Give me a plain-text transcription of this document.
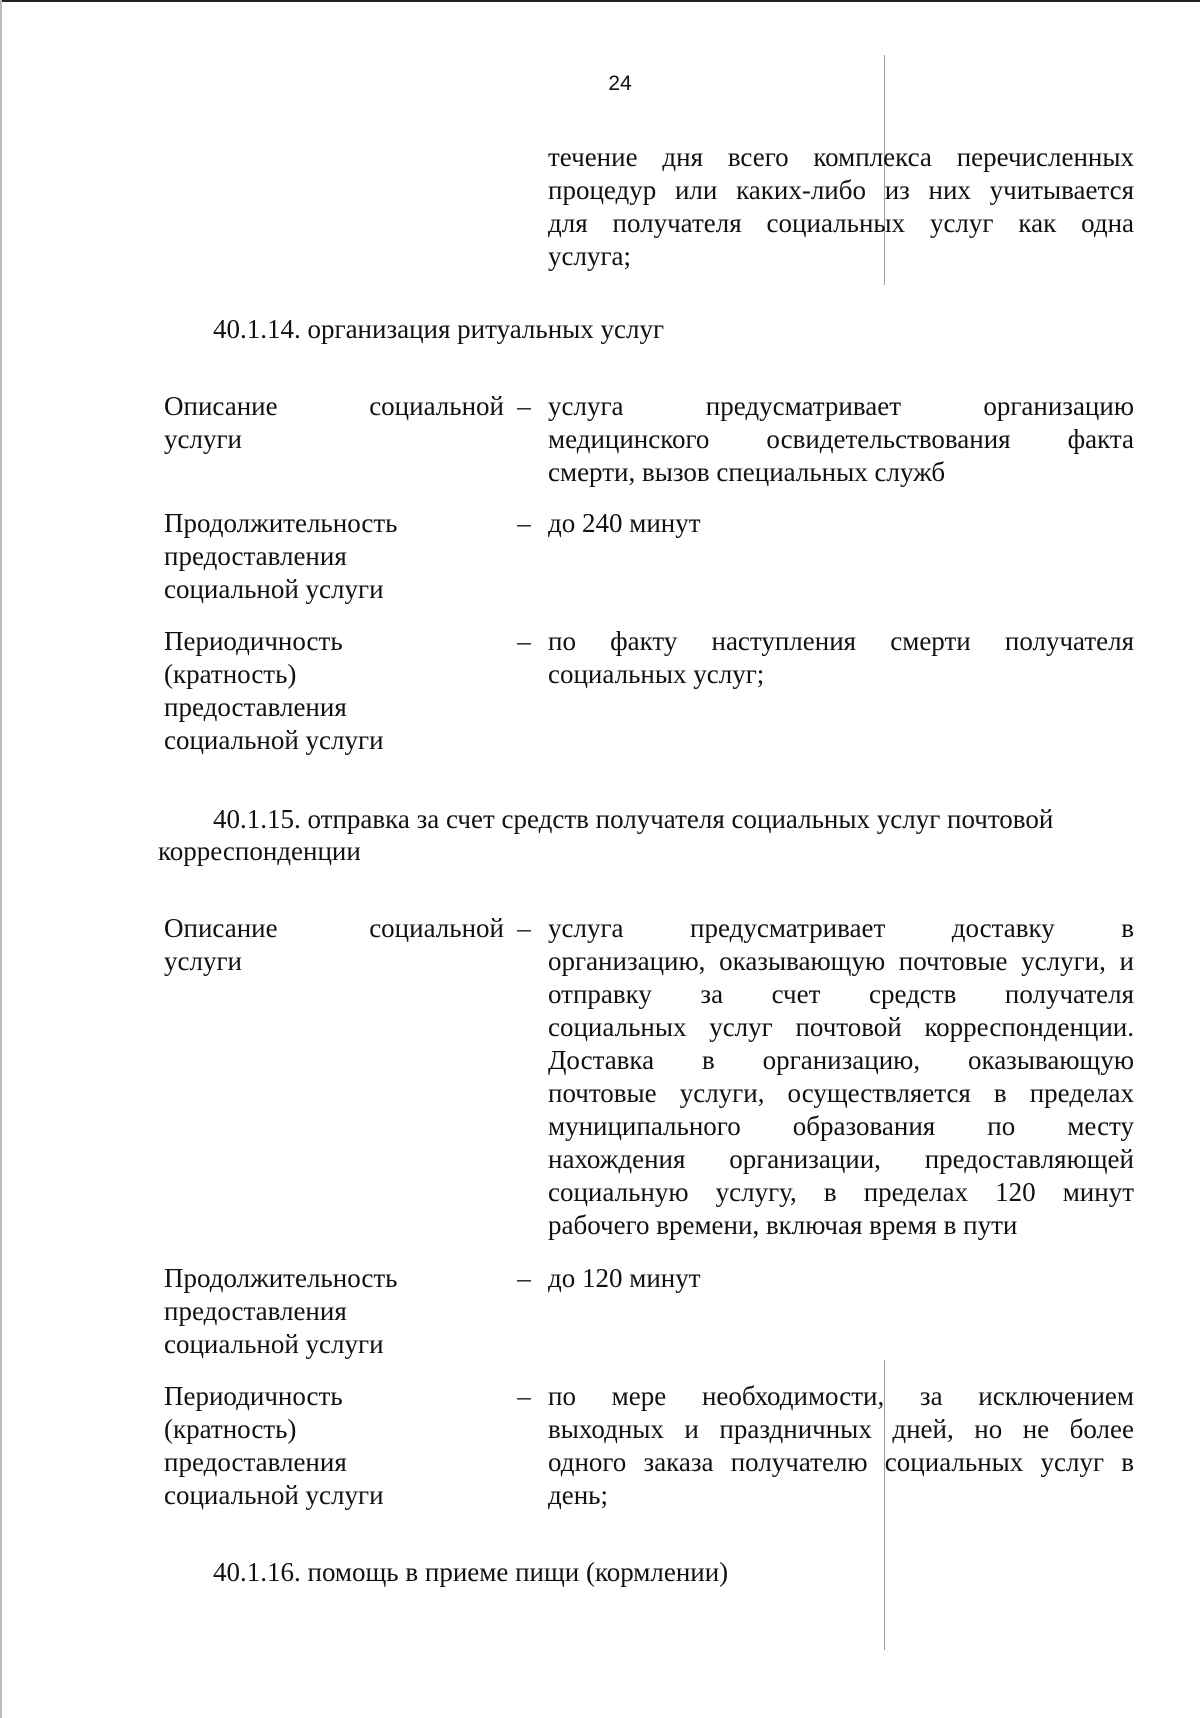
24
течение дня всего комплекса перечисленных
процедур или каких-либо из них учитывается
для получателя социальных услуг как одна
услуга;
40.1.14. организация ритуальных услуг
Описание	социальной
услуги
– услуга предусматривает организацию
медицинского освидетельствования факта
смерти, вызов специальных служб
Продолжительность
предоставления
социальной услуги
– до 240 минут
Периодичность
(кратность)
предоставления
социальной услуги
– по факту наступления смерти получателя
социальных услуг;
40.1.15. отправка за счет средств получателя социальных услуг почтовой
корреспонденции
Описание	социальной
услуги
– услуга предусматривает доставку в
организацию, оказывающую почтовые услуги, и
отправку за счет средств получателя
социальных услуг почтовой корреспонденции.
Доставка в организацию, оказывающую
почтовые услуги, осуществляется в пределах
муниципального образования по месту
нахождения организации, предоставляющей
социальную услугу, в пределах 120 минут
рабочего времени, включая время в пути
Продолжительность
предоставления
социальной услуги
– до 120 минут
Периодичность
(кратность)
предоставления
социальной услуги
– по мере необходимости, за исключением
выходных и праздничных дней, но не более
одного заказа получателю социальных услуг в
день;
40.1.16. помощь в приеме пищи (кормлении)
